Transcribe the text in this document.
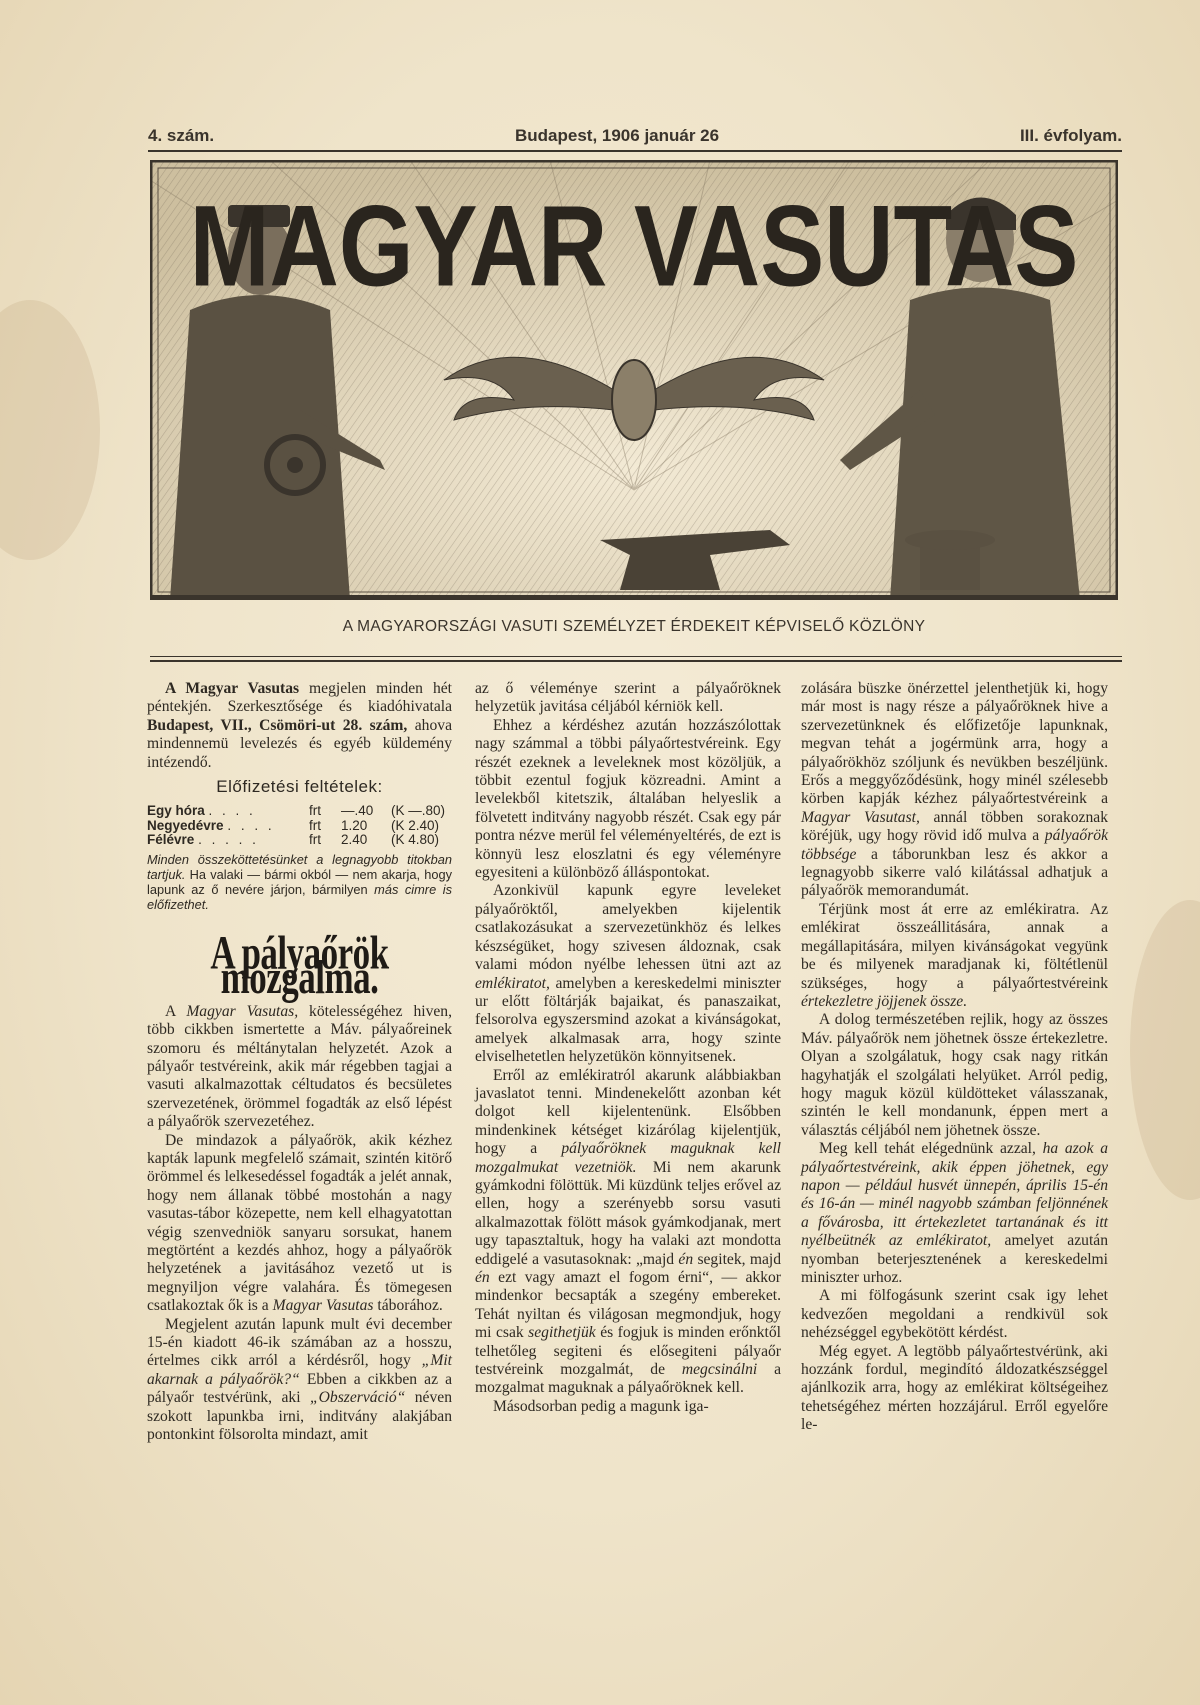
4. szám.	Budapest, 1906 január 26	III. évfolyam.
MAGYAR VASUTAS
A MAGYARORSZÁGI VASUTI SZEMÉLYZET ÉRDEKEIT KÉPVISELŐ KÖZLÖNY

A Magyar Vasutas megjelen minden hét péntekjén. Szerkesztősége és kiadóhivatala Budapest, VII., Csömöri-ut 28. szám, ahova mindennemü levelezés és egyéb küldemény intézendő.

Előfizetési feltételek:
Egy hóra . . . .	frt	—.40	(K —.80)
Negyedévre . . . .	frt	1.20	(K 2.40)
Félévre . . . . .	frt	2.40	(K 4.80)
Minden összeköttetésünket a legnagyobb titokban tartjuk. Ha valaki — bármi okból — nem akarja, hogy lapunk az ő nevére járjon, bármilyen más cimre is előfizethet.
A pályaőrök mozgalma.

A Magyar Vasutas, kötelességéhez hiven, több cikkben ismertette a Máv. pályaőreinek szomoru és méltánytalan helyzetét. Azok a pályaőr testvéreink, akik már régebben tagjai a vasuti alkalmazottak céltudatos és becsületes szervezetének, örömmel fogadták az első lépést a pályaőrök szervezetéhez.

De mindazok a pályaőrök, akik kézhez kapták lapunk megfelelő számait, szintén kitörő örömmel és lelkesedéssel fogadták a jelét annak, hogy nem állanak többé mostohán a nagy vasutas-tábor közepette, nem kell elhagyatottan végig szenvedniök sanyaru sorsukat, hanem megtörtént a kezdés ahhoz, hogy a pályaőrök helyzetének a javitásához vezető ut is megnyiljon végre valahára. És tömegesen csatlakoztak ők is a Magyar Vasutas táborához.

Megjelent azután lapunk mult évi december 15-én kiadott 46-ik számában az a hosszu, értelmes cikk arról a kérdésről, hogy „Mit akarnak a pályaőrök?“ Ebben a cikkben az a pályaőr testvérünk, aki „Obszerváció“ néven szokott lapunkba irni, inditvány alakjában pontonkint fölsorolta mindazt, amit

az ő véleménye szerint a pályaőröknek helyzetük javitása céljából kérniök kell.

Ehhez a kérdéshez azután hozzászólottak nagy számmal a többi pályaőrtestvéreink. Egy részét ezeknek a leveleknek most közöljük, a többit ezentul fogjuk közreadni. Amint a levelekből kitetszik, általában helyeslik a fölvetett inditvány nagyobb részét. Csak egy pár pontra nézve merül fel véleményeltérés, de ezt is könnyü lesz eloszlatni és egy véleményre egyesiteni a különböző álláspontokat.

Azonkivül kapunk egyre leveleket pályaőröktől, amelyekben kijelentik csatlakozásukat a szervezetünkhöz és lelkes készségüket, hogy szivesen áldoznak, csak valami módon nyélbe lehessen ütni azt az emlékiratot, amelyben a kereskedelmi miniszter ur előtt föltárják bajaikat, és panaszaikat, felsorolva egyszersmind azokat a kivánságokat, amelyek alkalmasak arra, hogy szinte elviselhetetlen helyzetükön könnyitsenek.

Erről az emlékiratról akarunk alábbiakban javaslatot tenni. Mindenekelőtt azonban két dolgot kell kijelentenünk. Elsőbben mindenkinek kétséget kizárólag kijelentjük, hogy a pályaőröknek maguknak kell mozgalmukat vezetniök. Mi nem akarunk gyámkodni fölöttük. Mi küzdünk teljes erővel az ellen, hogy a szerényebb sorsu vasuti alkalmazottak fölött mások gyámkodjanak, mert ugy tapasztaltuk, hogy ha valaki azt mondotta eddigelé a vasutasoknak: „majd én segitek, majd én ezt vagy amazt el fogom érni“, — akkor mindenkor becsapták a szegény embereket. Tehát nyiltan és világosan megmondjuk, hogy mi csak segithetjük és fogjuk is minden erőnktől telhetőleg segiteni és elősegiteni pályaőr testvéreink mozgalmát, de megcsinálni a mozgalmat maguknak a pályaőröknek kell.

Másodsorban pedig a magunk iga-

zolására büszke önérzettel jelenthetjük ki, hogy már most is nagy része a pályaőröknek hive a szervezetünknek és előfizetője lapunknak, megvan tehát a jogérmünk arra, hogy a pályaőrökhöz szóljunk és nevükben beszéljünk. Erős a meggyőződésünk, hogy minél szélesebb körben kapják kézhez pályaőrtestvéreink a Magyar Vasutast, annál többen sorakoznak köréjük, ugy hogy rövid idő mulva a pályaőrök többsége a táborunkban lesz és akkor a legnagyobb sikerre való kilátással adhatjuk a pályaőrök memorandumát.

Térjünk most át erre az emlékiratra. Az emlékirat összeállitására, annak a megállapitására, milyen kivánságokat vegyünk be és milyenek maradjanak ki, föltétlenül szükséges, hogy a pályaőrtestvéreink értekezletre jöjjenek össze.

A dolog természetében rejlik, hogy az összes Máv. pályaőrök nem jöhetnek össze értekezletre. Olyan a szolgálatuk, hogy csak nagy ritkán hagyhatják el szolgálati helyüket. Arról pedig, hogy maguk közül küldötteket válasszanak, szintén le kell mondanunk, éppen mert a választás céljából nem jöhetnek össze.

Meg kell tehát elégednünk azzal, ha azok a pályaőrtestvéreink, akik éppen jöhetnek, egy napon — például husvét ünnepén, április 15-én és 16-án — minél nagyobb számban feljönnének a fővárosba, itt értekezletet tartanának és itt nyélbeütnék az emlékiratot, amelyet azután nyomban beterjesztenének a kereskedelmi miniszter urhoz.

A mi fölfogásunk szerint csak igy lehet kedvezően megoldani a rendkivül sok nehézséggel egybekötött kérdést.

Még egyet. A legtöbb pályaőrtestvérünk, aki hozzánk fordul, megindító áldozatkészséggel ajánlkozik arra, hogy az emlékirat költségeihez tehetségéhez mérten hozzájárul. Erről egyelőre le-
